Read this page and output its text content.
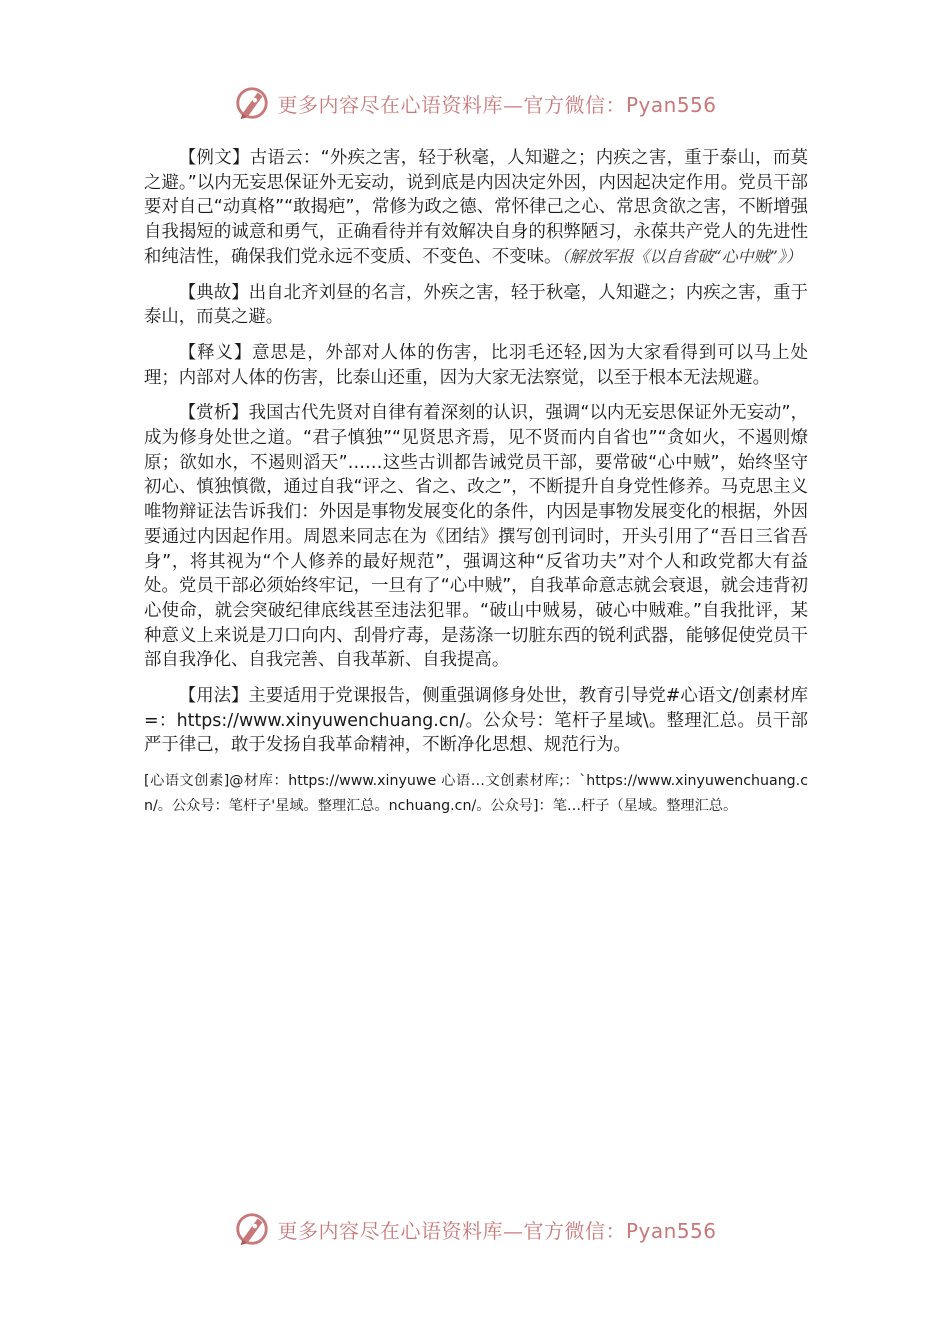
更多内容尽在心语资料库—官方微信：Pyan556

【例文】古语云：“外疾之害，轻于秋毫，人知避之；内疾之害，重于泰山，而莫之避。”以内无妄思保证外无妄动，说到底是内因决定外因，内因起决定作用。党员干部要对自己“动真格”“敢揭疤”，常修为政之德、常怀律己之心、常思贪欲之害，不断增强自我揭短的诚意和勇气，正确看待并有效解决自身的积弊陋习，永葆共产党人的先进性和纯洁性，确保我们党永远不变质、不变色、不变味。（解放军报《以自省破“心中贼”》）

【典故】出自北齐刘昼的名言，外疾之害，轻于秋毫，人知避之；内疾之害，重于泰山，而莫之避。

【释义】意思是，外部对人体的伤害，比羽毛还轻,因为大家看得到可以马上处理；内部对人体的伤害，比泰山还重，因为大家无法察觉，以至于根本无法规避。

【赏析】我国古代先贤对自律有着深刻的认识，强调“以内无妄思保证外无妄动”，成为修身处世之道。“君子慎独”“见贤思齐焉，见不贤而内自省也”“贪如火，不遏则燎原；欲如水，不遏则滔天”……这些古训都告诫党员干部，要常破“心中贼”，始终坚守初心、慎独慎微，通过自我“评之、省之、改之”，不断提升自身党性修养。马克思主义唯物辩证法告诉我们：外因是事物发展变化的条件，内因是事物发展变化的根据，外因要通过内因起作用。周恩来同志在为《团结》撰写创刊词时，开头引用了“吾日三省吾身”，将其视为“个人修养的最好规范”，强调这种“反省功夫”对个人和政党都大有益处。党员干部必须始终牢记，一旦有了“心中贼”，自我革命意志就会衰退，就会违背初心使命，就会突破纪律底线甚至违法犯罪。“破山中贼易，破心中贼难。”自我批评，某种意义上来说是刀口向内、刮骨疗毒，是荡涤一切脏东西的锐利武器，能够促使党员干部自我净化、自我完善、自我革新、自我提高。

【用法】主要适用于党课报告，侧重强调修身处世，教育引导党#心语文/创素材库=：https://www.xinyuwenchuang.cn/。公众号：笔杆子星域\。整理汇总。员干部严于律己，敢于发扬自我革命精神，不断净化思想、规范行为。

[心语文创素]@材库：https://www.xinyuwe 心语…文创素材库;：`https://www.xinyuwenchuang.cn/。公众号：笔杆子'星域。整理汇总。nchuang.cn/。公众号]：笔…杆子（星域。整理汇总。

更多内容尽在心语资料库—官方微信：Pyan556
